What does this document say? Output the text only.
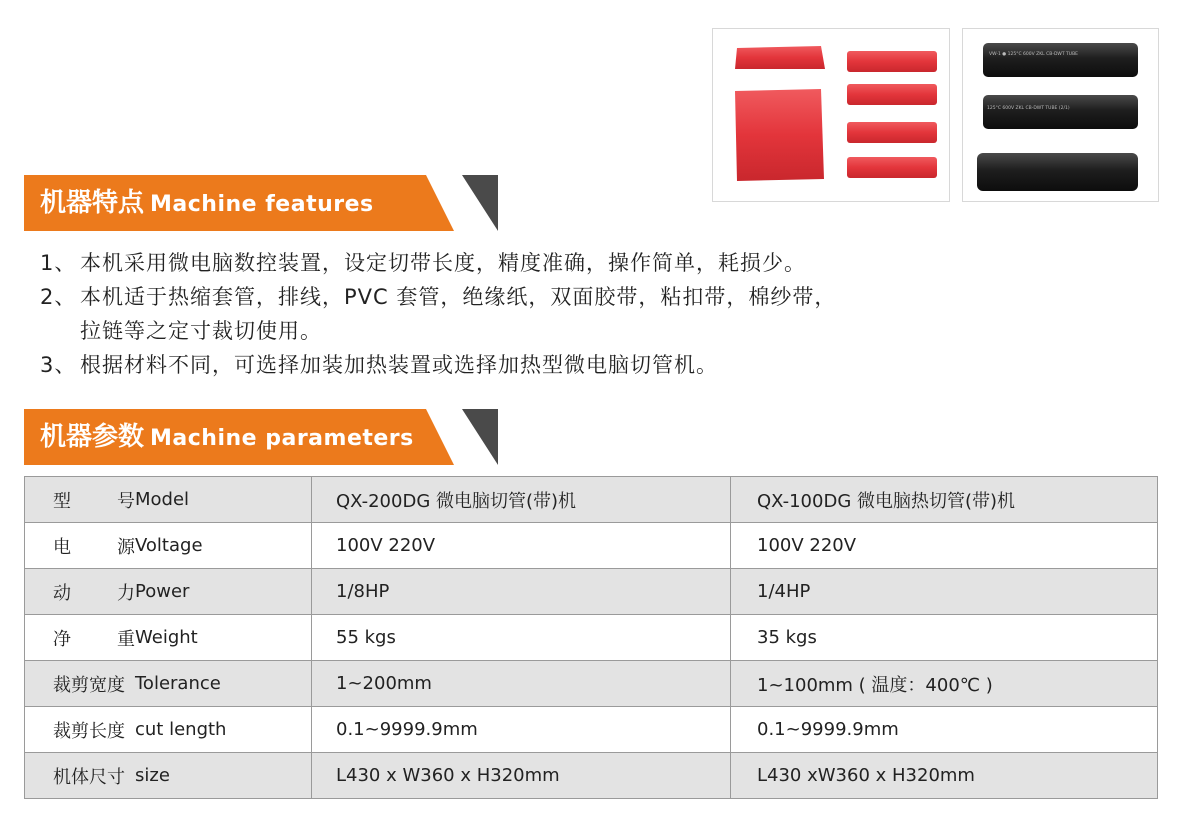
VW-1 ● 125°C 600V ZKL CB-DWT TUBE
125°C 600V ZKL CB-DWT TUBE (2/1)
机器特点 Machine features
1、 本机采用微电脑数控装置，设定切带长度，精度准确，操作简单，耗损少。
2、 本机适于热缩套管，排线，PVC 套管，绝缘纸，双面胶带，粘扣带，棉纱带，
拉链等之定寸裁切使用。
3、 根据材料不同，可选择加装加热装置或选择加热型微电脑切管机。
机器参数 Machine parameters
型号	Model	QX-200DG 微电脑切管(带)机	QX-100DG 微电脑热切管(带)机
电源	Voltage	100V 220V	100V 220V
动力	Power	1/8HP	1/4HP
净重	Weight	55 kgs	35 kgs
裁剪宽度	Tolerance	1~200mm	1~100mm ( 温度：400℃ )
裁剪长度	cut length	0.1~9999.9mm	0.1~9999.9mm
机体尺寸	size	L430 x W360 x H320mm	L430 xW360 x H320mm
